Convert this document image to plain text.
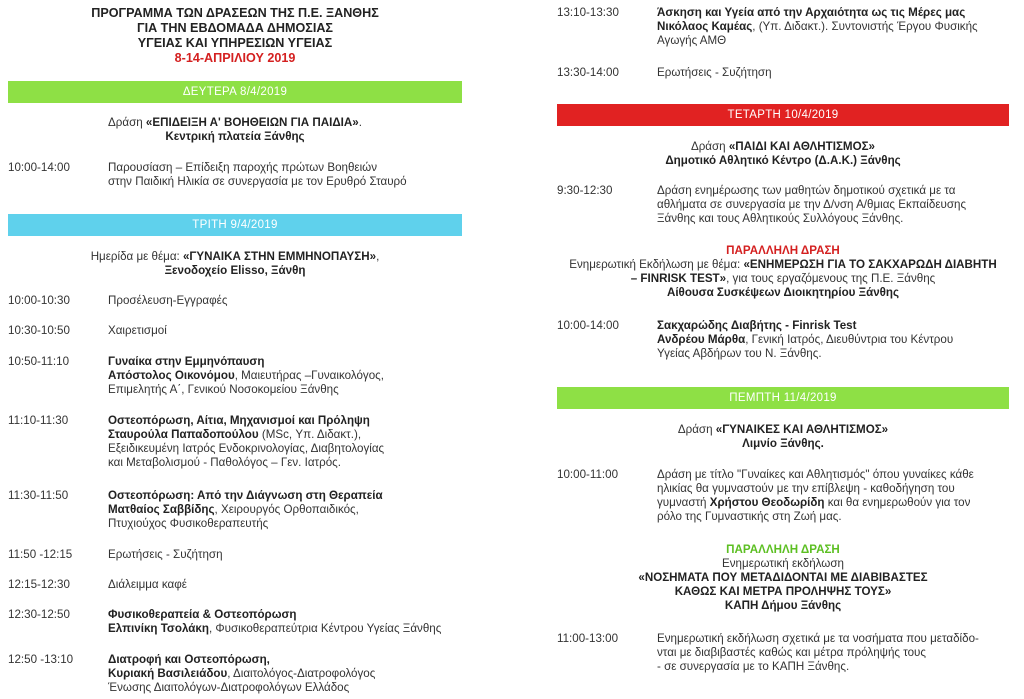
ΠΡΟΓΡΑΜΜΑ ΤΩΝ ΔΡΑΣΕΩΝ ΤΗΣ Π.Ε. ΞΑΝΘΗΣ
ΓΙΑ ΤΗΝ ΕΒΔΟΜΑΔΑ ΔΗΜΟΣΙΑΣ
ΥΓΕΙΑΣ ΚΑΙ ΥΠΗΡΕΣΙΩΝ ΥΓΕΙΑΣ
8-14-ΑΠΡΙΛΙΟΥ 2019
ΔΕΥΤΕΡΑ 8/4/2019
Δράση «ΕΠΙΔΕΙΞΗ Α' ΒΟΗΘΕΙΩΝ ΓΙΑ ΠΑΙΔΙΑ».
Κεντρική πλατεία Ξάνθης
10:00-14:00	Παρουσίαση – Επίδειξη παροχής πρώτων Βοηθειών
στην Παιδική Ηλικία σε συνεργασία με τον Ερυθρό Σταυρό
ΤΡΙΤΗ 9/4/2019
Ημερίδα με θέμα: «ΓΥΝΑΙΚΑ ΣΤΗΝ ΕΜΜΗΝΟΠΑΥΣΗ»,
Ξενοδοχείο Elisso, Ξάνθη
10:00-10:30	Προσέλευση-Εγγραφές
10:30-10:50	Χαιρετισμοί
10:50-11:10	Γυναίκα στην Εμμηνόπαυση
Απόστολος Οικονόμου, Μαιευτήρας –Γυναικολόγος,
Επιμελητής Α΄, Γενικού Νοσοκομείου Ξάνθης
11:10-11:30	Οστεοπόρωση, Αίτια, Μηχανισμοί και Πρόληψη
Σταυρούλα Παπαδοπούλου (MSc, Υπ. Διδακτ.),
Εξειδικευμένη Ιατρός Ενδοκρινολογίας, Διαβητολογίας
και Μεταβολισμού - Παθολόγος – Γεν. Ιατρός.
11:30-11:50	Οστεοπόρωση: Από την Διάγνωση στη Θεραπεία
Ματθαίος Σαββίδης, Χειρουργός Ορθοπαιδικός,
Πτυχιούχος Φυσικοθεραπευτής
11:50 -12:15	Ερωτήσεις - Συζήτηση
12:15-12:30	Διάλειμμα καφέ
12:30-12:50	Φυσικοθεραπεία & Οστεοπόρωση
Ελπινίκη Τσολάκη, Φυσικοθεραπεύτρια Κέντρου Υγείας Ξάνθης
12:50 -13:10	Διατροφή και Οστεοπόρωση,
Κυριακή Βασιλειάδου, Διαιτολόγος-Διατροφολόγος
Ένωσης Διαιτολόγων-Διατροφολόγων Ελλάδος
13:10-13:30	Άσκηση και Υγεία από την Αρχαιότητα ως τις Μέρες μας
Νικόλαος Καμέας, (Υπ. Διδακτ.). Συντονιστής Έργου Φυσικής
Αγωγής ΑΜΘ
13:30-14:00	Ερωτήσεις - Συζήτηση
ΤΕΤΑΡΤΗ 10/4/2019
Δράση «ΠΑΙΔΙ ΚΑΙ ΑΘΛΗΤΙΣΜΟΣ»
Δημοτικό Αθλητικό Κέντρο (Δ.Α.Κ.) Ξάνθης
9:30-12:30	Δράση ενημέρωσης των μαθητών δημοτικού σχετικά με τα
αθλήματα σε συνεργασία με την Δ/νση Α/θμιας Εκπαίδευσης
Ξάνθης και τους Αθλητικούς Συλλόγους Ξάνθης.
ΠΑΡΑΛΛΗΛΗ ΔΡΑΣΗ
Ενημερωτική Εκδήλωση με θέμα: «ΕΝΗΜΕΡΩΣΗ ΓΙΑ ΤΟ ΣΑΚΧΑΡΩΔΗ ΔΙΑΒΗΤΗ
– FINRISK TEST», για τους εργαζόμενους της Π.Ε. Ξάνθης
Αίθουσα Συσκέψεων Διοικητηρίου Ξάνθης
10:00-14:00	Σακχαρώδης Διαβήτης - Finrisk Test
Ανδρέου Μάρθα, Γενική Ιατρός, Διευθύντρια του Κέντρου
Υγείας Αβδήρων του Ν. Ξάνθης.
ΠΕΜΠΤΗ 11/4/2019
Δράση «ΓΥΝΑΙΚΕΣ ΚΑΙ ΑΘΛΗΤΙΣΜΟΣ»
Λιμνίο Ξάνθης.
10:00-11:00	Δράση με τίτλο "Γυναίκες και Αθλητισμός" όπου γυναίκες κάθε
ηλικίας θα γυμναστούν με την επίβλεψη - καθοδήγηση του
γυμναστή Χρήστου Θεοδωρίδη και θα ενημερωθούν για τον
ρόλο της Γυμναστικής στη Ζωή μας.
ΠΑΡΑΛΛΗΛΗ ΔΡΑΣΗ
Ενημερωτική εκδήλωση
«ΝΟΣΗΜΑΤΑ ΠΟΥ ΜΕΤΑΔΙΔΟΝΤΑΙ ΜΕ ΔΙΑΒΙΒΑΣΤΕΣ
ΚΑΘΩΣ ΚΑΙ ΜΕΤΡΑ ΠΡΟΛΗΨΗΣ ΤΟΥΣ»
ΚΑΠΗ Δήμου Ξάνθης
11:00-13:00	Ενημερωτική εκδήλωση σχετικά με τα νοσήματα που μεταδίδο-
νται με διαβιβαστές καθώς και μέτρα πρόληψής τους
- σε συνεργασία με το ΚΑΠΗ Ξάνθης.
